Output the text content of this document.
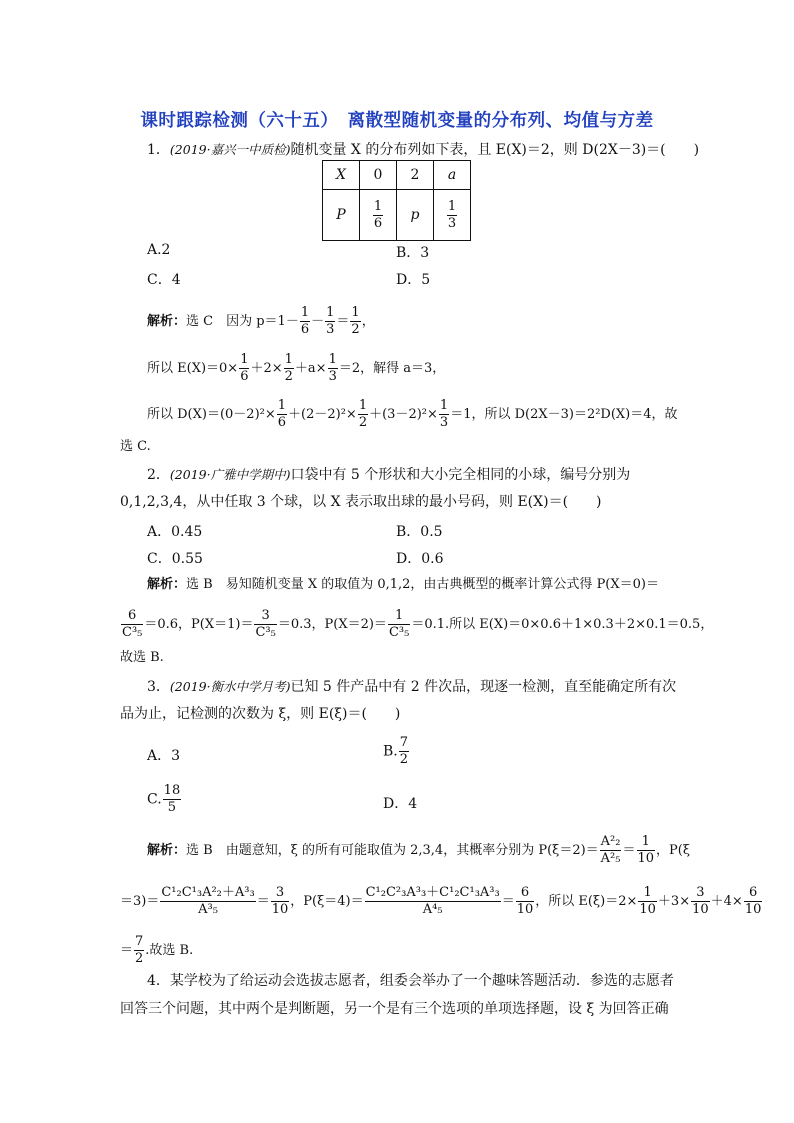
课时跟踪检测（六十五）　离散型随机变量的分布列、均值与方差
1．(2019·嘉兴一中质检)随机变量 X 的分布列如下表，且 E(X)＝2，则 D(2X－3)＝(　　)
X	0	2	a
P	$\frac{1}{6}$	p	$\frac{1}{3}$
A.2	B．3
C．4	D．5
解析：选 C　因为 $p=1- \frac{1}{6} - \frac{1}{3} = \frac{1}{2}$ ，
所以 $E(X)=0\times \frac{1}{6} +2\times \frac{1}{2} +a\times \frac{1}{3} =2$，解得 a＝3，
所以 $D(X)=(0-2)^2\times \frac{1}{6} +(2-2)^2\times \frac{1}{2} +(3-2)^2\times \frac{1}{3} =1$，所以 D(2X－3)＝2²D(X)＝4，故
选 C.
2．(2019·广雅中学期中)口袋中有 5 个形状和大小完全相同的小球，编号分别为
0,1,2,3,4，从中任取 3 个球，以 X 表示取出球的最小号码，则 E(X)＝(　　)
A．0.45	B．0.5
C．0.55	D．0.6
解析：选 B　易知随机变量 X 的取值为 0,1,2，由古典概型的概率计算公式得 P(X＝0)＝
$\frac{6}{\text{C³₅}} =0.6$，$P(X=1)= \frac{3}{\text{C³₅}} =0.3$，$P(X=2)= \frac{1}{\text{C³₅}} =0.1$.所以 E(X)＝0×0.6＋1×0.3＋2×0.1＝0.5，
故选 B.
3．(2019·衡水中学月考)已知 5 件产品中有 2 件次品，现逐一检测，直至能确定所有次
品为止，记检测的次数为 ξ，则 E(ξ)＝(　　)
A．3	B. $\frac{7}{2}$
C. $\frac{18}{5}$	D．4
解析：选 B　由题意知，ξ 的所有可能取值为 2,3,4，其概率分别为 $P(\xi=2)= \frac{\text{A²₂}}{\text{A²₅}} = \frac{1}{10}$ ，P(ξ
$=3)= \frac{\text{C¹₂C¹₃A²₂＋A³₃}}{\text{A³₅}} = \frac{3}{10}$ ，$P(\xi=4)= \frac{\text{C¹₂C²₃A³₃＋C¹₂C¹₃A³₃}}{\text{A⁴₅}} = \frac{6}{10}$ ，所以 $E(\xi)=2\times \frac{1}{10} +3\times \frac{3}{10} +4\times \frac{6}{10}$
＝ $\frac{7}{2}$ .故选 B.
4．某学校为了给运动会选拔志愿者，组委会举办了一个趣味答题活动．参选的志愿者
回答三个问题，其中两个是判断题，另一个是有三个选项的单项选择题，设 ξ 为回答正确
